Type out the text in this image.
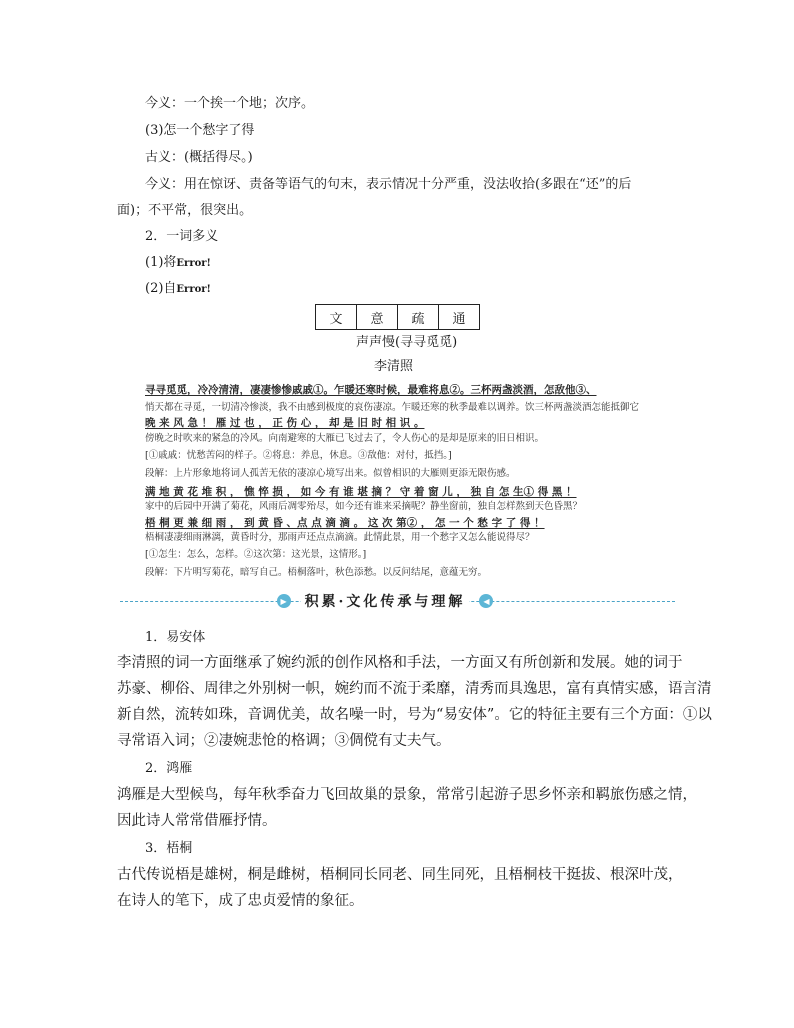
今义：一个挨一个地；次序。
(3)怎一个愁字了得
古义：(概括得尽。)
今义：用在惊讶、责备等语气的句末，表示情况十分严重，没法收拾(多跟在“还”的后
面)；不平常，很突出。
2．一词多义
(1)将Error!
(2)自Error!
文	意	疏	通
声声慢(寻寻觅觅)
李清照
寻寻觅觅，冷冷清清，凄凄惨惨戚戚①。乍暖还寒时候，最难将息②。三杯两盏淡酒，怎敌他③、
悄天都在寻觅，一切清冷惨淡，我不由感到极度的哀伤凄凉。乍暖还寒的秋季最难以调养。饮三杯两盏淡酒怎能抵御它
晚 来 风 急 ！ 雁 过 也 ， 正 伤 心 ， 却 是 旧 时 相 识 。
傍晚之时吹来的紧急的冷风。向南避寒的大雁已飞过去了，令人伤心的是却是原来的旧日相识。
[①戚戚：忧愁苦闷的样子。②将息：养息，休息。③敌他：对付，抵挡。]
段解：上片形象地将词人孤苦无依的凄凉心境写出来。似曾相识的大雁则更添无限伤感。
满 地 黄 花 堆 积 ， 憔 悴 损 ， 如 今 有 谁 堪 摘 ？ 守 着 窗 儿 ， 独 自 怎 生① 得 黑 ！
家中的后园中开满了菊花，风雨后凋零殆尽，如今还有谁来采摘呢？静坐窗前，独自怎样熬到天色昏黑？
梧 桐 更 兼 细 雨 ， 到 黄 昏 、点 点 滴 滴 。 这 次 第② ， 怎 一 个 愁 字 了 得 ！
梧桐凄凄细雨淋漓，黄昏时分，那雨声还点点滴滴。此情此景，用一个愁字又怎么能说得尽？
[①怎生：怎么，怎样。②这次第：这光景，这情形。]
段解：下片明写菊花，暗写自己。梧桐落叶，秋色添愁。以反问结尾，意蕴无穷。
▶ 积累·文化传承与理解	◀
1．易安体
李清照的词一方面继承了婉约派的创作风格和手法，一方面又有所创新和发展。她的词于
苏豪、柳俗、周律之外别树一帜，婉约而不流于柔靡，清秀而具逸思，富有真情实感，语言清
新自然，流转如珠，音调优美，故名噪一时，号为“易安体”。它的特征主要有三个方面：①以
寻常语入词；②凄婉悲怆的格调；③倜傥有丈夫气。
2．鸿雁
鸿雁是大型候鸟，每年秋季奋力飞回故巢的景象，常常引起游子思乡怀亲和羁旅伤感之情，
因此诗人常常借雁抒情。
3．梧桐
古代传说梧是雄树，桐是雌树，梧桐同长同老、同生同死，且梧桐枝干挺拔、根深叶茂，
在诗人的笔下，成了忠贞爱情的象征。
